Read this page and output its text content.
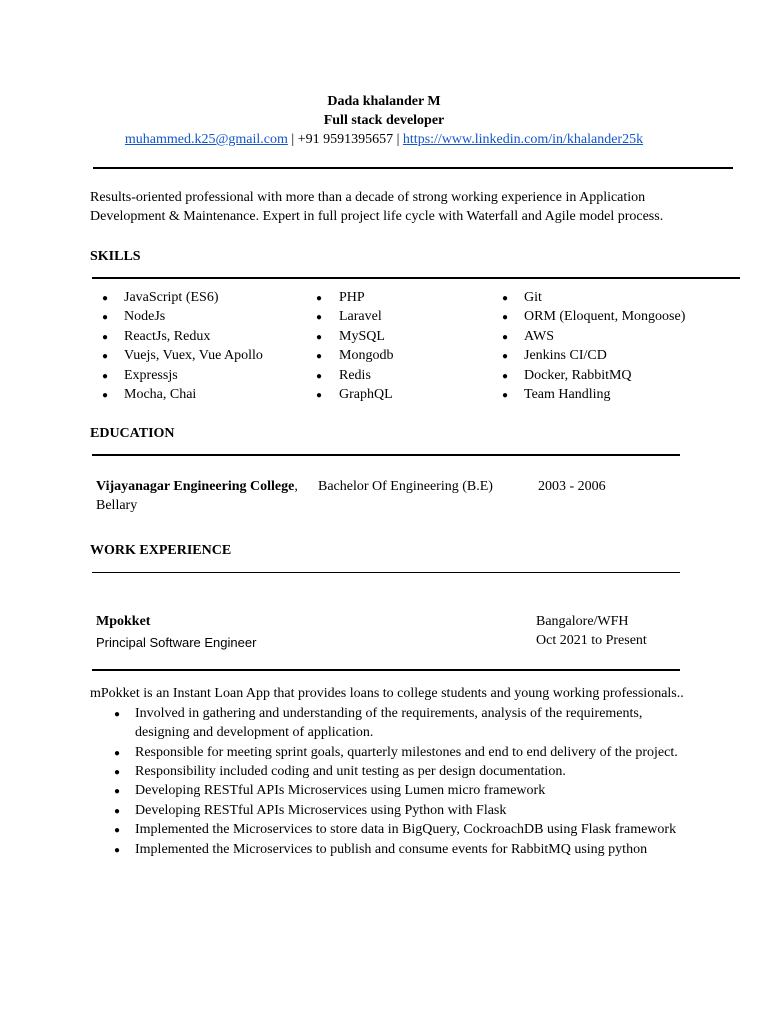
Dada khalander M
Full stack developer
muhammed.k25@gmail.com | +91 9591395657 | https://www.linkedin.com/in/khalander25k
Results-oriented professional with more than a decade of strong working experience in Application
Development & Maintenance. Expert in full project life cycle with Waterfall and Agile model process.
SKILLS
● JavaScript (ES6)
● NodeJs
● ReactJs, Redux
● Vuejs, Vuex, Vue Apollo
● Expressjs
● Mocha, Chai
● PHP
● Laravel
● MySQL
● Mongodb
● Redis
● GraphQL
● Git
● ORM (Eloquent, Mongoose)
● AWS
● Jenkins CI/CD
● Docker, RabbitMQ
● Team Handling
EDUCATION
Vijayanagar Engineering College,
Bellary
Bachelor Of Engineering (B.E)	2003 - 2006
WORK EXPERIENCE
Mpokket
Principal Software Engineer
Bangalore/WFH
Oct 2021 to Present
mPokket is an Instant Loan App that provides loans to college students and young working professionals..
● Involved in gathering and understanding of the requirements, analysis of the requirements,
designing and development of application.
● Responsible for meeting sprint goals, quarterly milestones and end to end delivery of the project.
● Responsibility included coding and unit testing as per design documentation.
● Developing RESTful APIs Microservices using Lumen micro framework
● Developing RESTful APIs Microservices using Python with Flask
● Implemented the Microservices to store data in BigQuery, CockroachDB using Flask framework
● Implemented the Microservices to publish and consume events for RabbitMQ using python
